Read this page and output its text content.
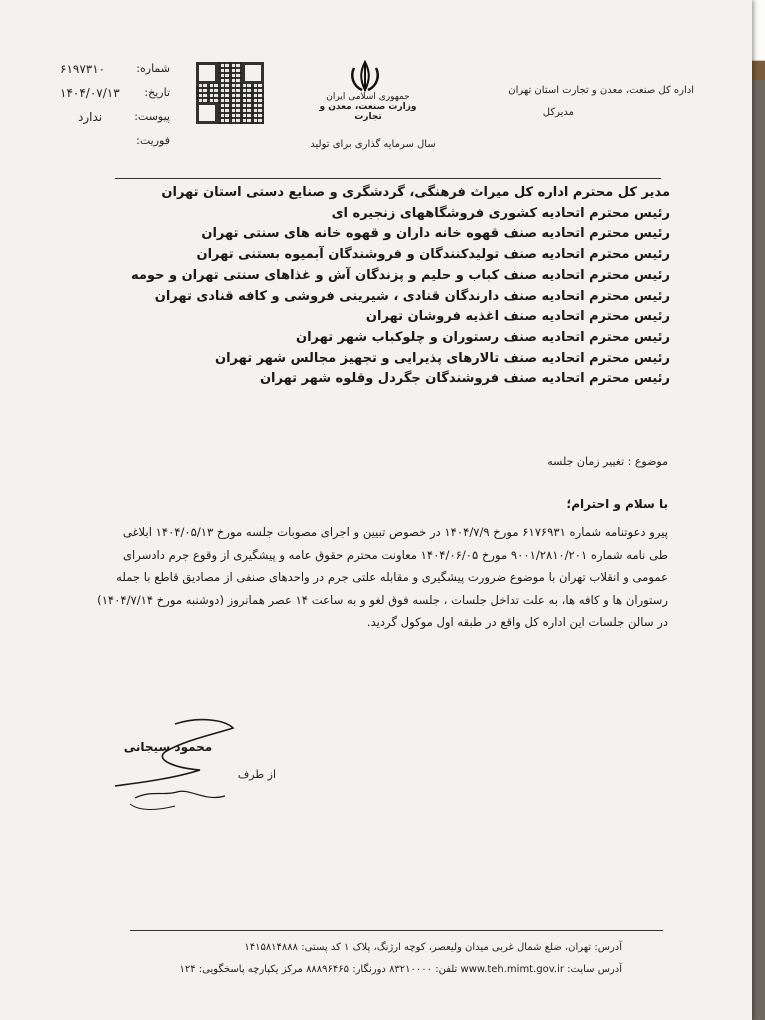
شماره:
۶۱۹۷۳۱۰
تاریخ:
۱۴۰۴/۰۷/۱۳
پیوست:
ندارد
فوریت:
جمهوری اسلامی ایران
وزارت صنعت، معدن و تجارت
سال سرمایه گذاری برای تولید
اداره کل صنعت، معدن و تجارت استان تهران
مدیرکل
مدیر کل محترم اداره کل میراث فرهنگی، گردشگری و صنایع دستی استان تهران
رئیس محترم اتحادیه کشوری فروشگاههای زنجیره ای
رئیس محترم اتحادیه صنف قهوه خانه داران و قهوه خانه های سنتی تهران
رئیس محترم اتحادیه صنف تولیدکنندگان و فروشندگان آبمیوه بستنی تهران
رئیس محترم اتحادیه صنف کباب و حلیم و پزندگان آش و غذاهای سنتی تهران و حومه
رئیس محترم اتحادیه صنف دارندگان قنادی ، شیرینی فروشی و کافه قنادی تهران
رئیس محترم اتحادیه صنف اغذیه فروشان تهران
رئیس محترم اتحادیه صنف رستوران و چلوکباب شهر تهران
رئیس محترم اتحادیه صنف تالارهای پذیرایی و تجهیز مجالس شهر تهران
رئیس محترم اتحادیه صنف فروشندگان جگردل وقلوه شهر تهران
موضوع : تغییر زمان جلسه
با سلام و احترام؛

پیرو دعوتنامه شماره ۶۱۷۶۹۳۱ مورخ ۱۴۰۴/۷/۹ در خصوص تبیین و اجرای مصوبات جلسه مورخ ۱۴۰۴/۰۵/۱۳ ابلاغی

طی نامه شماره ۹۰۰۱/۲۸۱۰/۲۰۱ مورخ ۱۴۰۴/۰۶/۰۵ معاونت محترم حقوق عامه و پیشگیری از وقوع جرم دادسرای

عمومی و انقلاب تهران با موضوع ضرورت پیشگیری و مقابله علتی جرم در واحدهای صنفی از مصادیق قاطع با جمله

رستوران ها و کافه ها، به علت تداخل جلسات ، جلسه فوق لغو و به ساعت ۱۴ عصر همانروز (دوشنبه مورخ ۱۴۰۴/۷/۱۴)

در سالن جلسات این اداره کل واقع در طبقه اول موکول گردید.

محمود سیجانی
از طرف

آدرس: تهران، ضلع شمال غربی میدان ولیعصر، کوچه ارژنگ، پلاک ۱ کد پستی: ۱۴۱۵۸۱۴۸۸۸

آدرس سایت: www.teh.mimt.gov.ir تلفن: ۸۳۲۱۰۰۰۰ دورنگار: ۸۸۸۹۶۴۶۵ مرکز یکپارچه پاسخگویی: ۱۲۴
